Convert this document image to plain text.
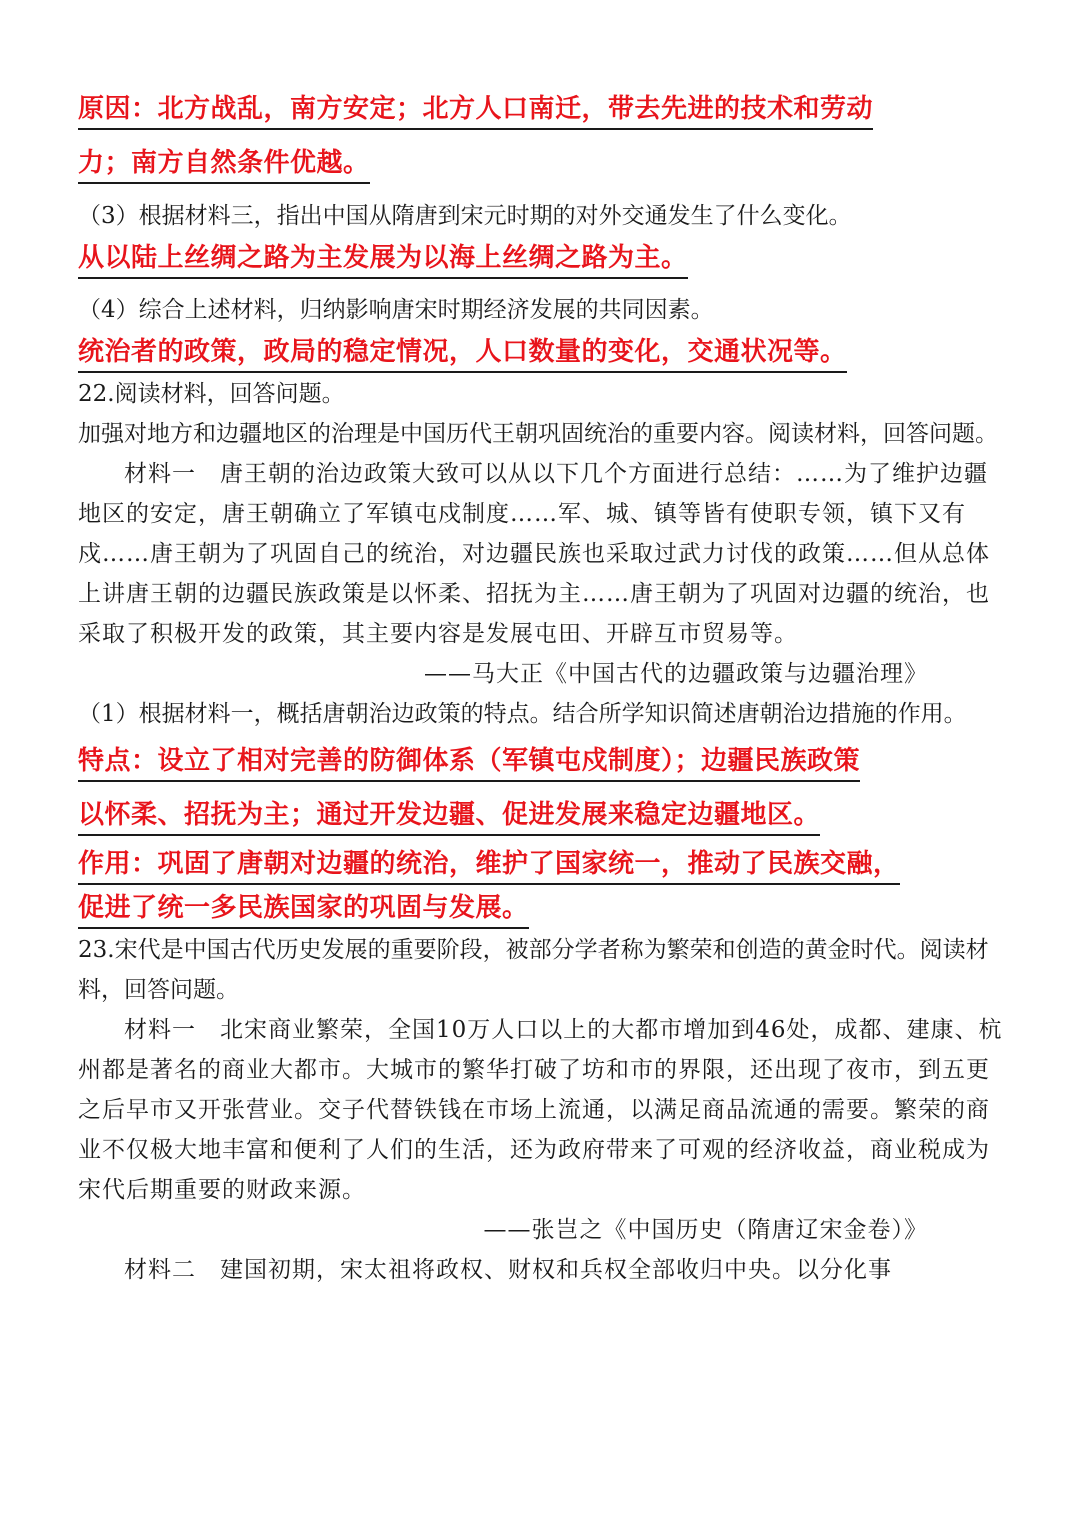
原因：北方战乱，南方安定；北方人口南迁，带去先进的技术和劳动
力；南方自然条件优越。

（3）根据材料三，指出中国从隋唐到宋元时期的对外交通发生了什么变化。

从以陆上丝绸之路为主发展为以海上丝绸之路为主。

（4）综合上述材料，归纳影响唐宋时期经济发展的共同因素。

统治者的政策，政局的稳定情况，人口数量的变化，交通状况等。

22.阅读材料，回答问题。

加强对地方和边疆地区的治理是中国历代王朝巩固统治的重要内容。阅读材料，回答问题。

材料一　唐王朝的治边政策大致可以从以下几个方面进行总结：……为了维护边疆地区的安定，唐王朝确立了军镇屯戍制度……军、城、镇等皆有使职专领，镇下又有戍……唐王朝为了巩固自己的统治，对边疆民族也采取过武力讨伐的政策……但从总体上讲唐王朝的边疆民族政策是以怀柔、招抚为主……唐王朝为了巩固对边疆的统治，也采取了积极开发的政策，其主要内容是发展屯田、开辟互市贸易等。

——马大正《中国古代的边疆政策与边疆治理》

（1）根据材料一，概括唐朝治边政策的特点。结合所学知识简述唐朝治边措施的作用。

特点：设立了相对完善的防御体系（军镇屯戍制度）；边疆民族政策
以怀柔、招抚为主；通过开发边疆、促进发展来稳定边疆地区。
作用：巩固了唐朝对边疆的统治，维护了国家统一，推动了民族交融，
促进了统一多民族国家的巩固与发展。

23.宋代是中国古代历史发展的重要阶段，被部分学者称为繁荣和创造的黄金时代。阅读材料，回答问题。

材料一　北宋商业繁荣，全国10万人口以上的大都市增加到46处，成都、建康、杭州都是著名的商业大都市。大城市的繁华打破了坊和市的界限，还出现了夜市，到五更之后早市又开张营业。交子代替铁钱在市场上流通，以满足商品流通的需要。繁荣的商业不仅极大地丰富和便利了人们的生活，还为政府带来了可观的经济收益，商业税成为宋代后期重要的财政来源。

——张岂之《中国历史（隋唐辽宋金卷）》

材料二　建国初期，宋太祖将政权、财权和兵权全部收归中央。以分化事
